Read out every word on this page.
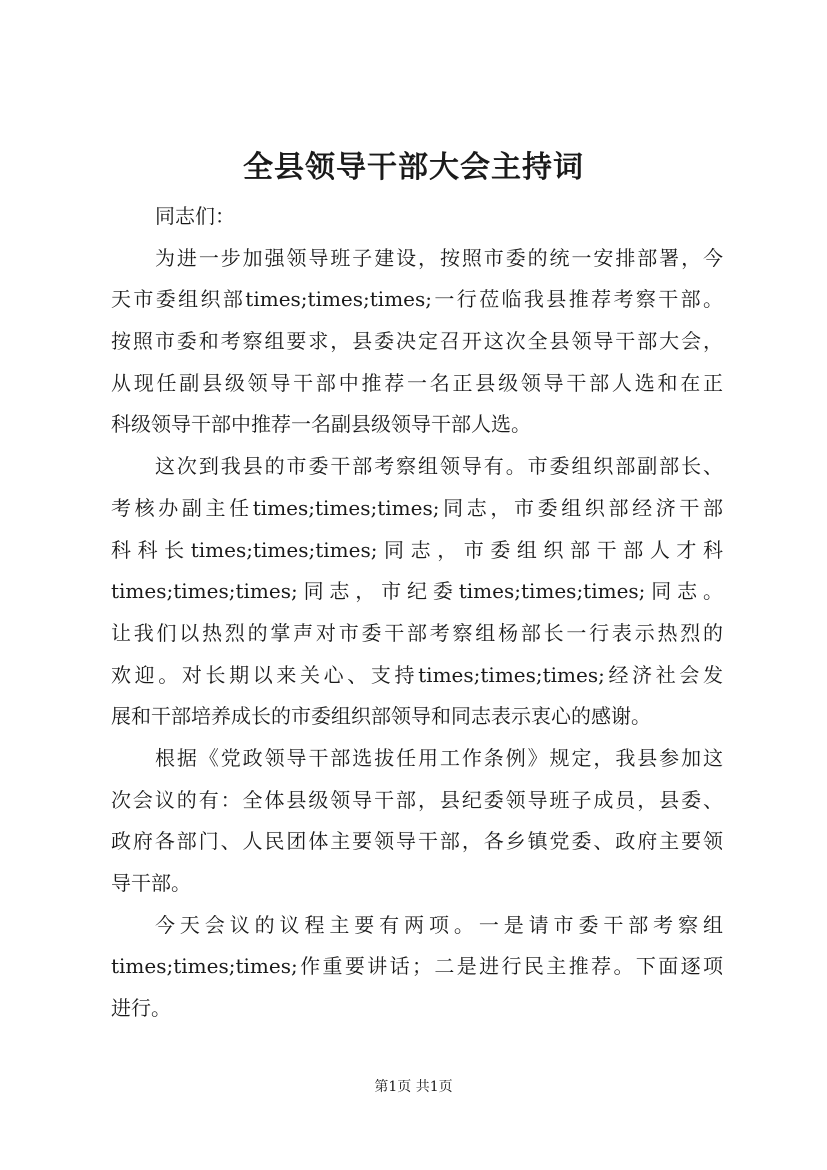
全县领导干部大会主持词
同志们：
为进一步加强领导班子建设，按照市委的统一安排部署，今
天市委组织部times;times;times;一行莅临我县推荐考察干部。
按照市委和考察组要求，县委决定召开这次全县领导干部大会，
从现任副县级领导干部中推荐一名正县级领导干部人选和在正
科级领导干部中推荐一名副县级领导干部人选。
这次到我县的市委干部考察组领导有。市委组织部副部长、
考核办副主任times;times;times;同志，市委组织部经济干部
科科长times;times;times;同志，市委组织部干部人才科
times;times;times;同志，市纪委times;times;times;同志。
让我们以热烈的掌声对市委干部考察组杨部长一行表示热烈的
欢迎。对长期以来关心、支持times;times;times;经济社会发
展和干部培养成长的市委组织部领导和同志表示衷心的感谢。
根据《党政领导干部选拔任用工作条例》规定，我县参加这
次会议的有：全体县级领导干部，县纪委领导班子成员，县委、
政府各部门、人民团体主要领导干部，各乡镇党委、政府主要领
导干部。
今天会议的议程主要有两项。一是请市委干部考察组
times;times;times;作重要讲话；二是进行民主推荐。下面逐项
进行。
第1页 共1页
